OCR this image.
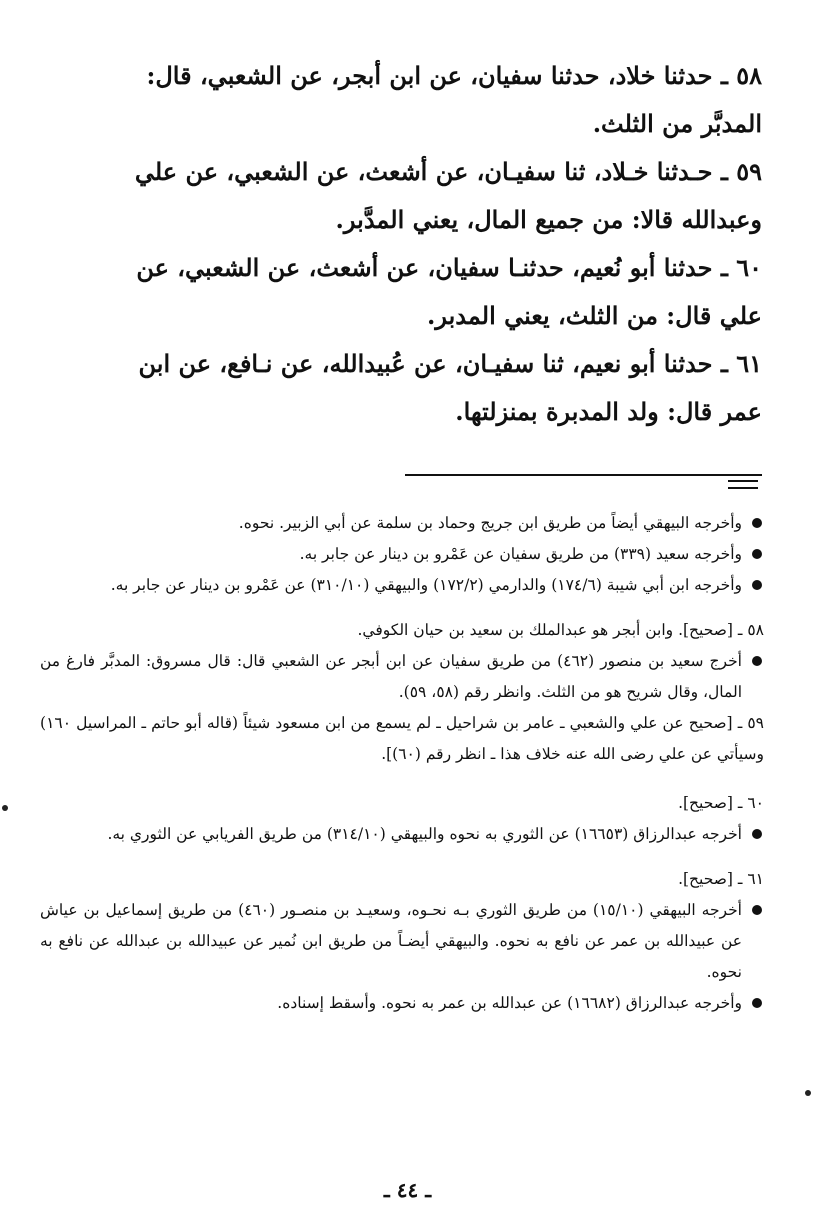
٥٨ ـ حدثنا خلاد، حدثنا سفيان، عن ابن أبجر، عن الشعبي، قال:

المدبَّر من الثلث.

٥٩ ـ حـدثنا خـلاد، ثنا سفيـان، عن أشعث، عن الشعبي، عن علي

وعبدالله قالا: من جميع المال، يعني المدَّبر.

٦٠ ـ حدثنا أبو نُعيم، حدثنـا سفيان، عن أشعث، عن الشعبي، عن

علي قال: من الثلث، يعني المدبر.

٦١ ـ حدثنا أبو نعيم، ثنا سفيـان، عن عُبيدالله، عن نـافع، عن ابن

عمر قال: ولد المدبرة بمنزلتها.

وأخرجه البيهقي أيضاً من طريق ابن جريج وحماد بن سلمة عن أبي الزبير. نحوه.

وأخرجه سعيد (٣٣٩) من طريق سفيان عن عَمْرو بن دينار عن جابر به.

وأخرجه ابن أبي شيبة (١٧٤/٦) والدارمي (١٧٢/٢) والبيهقي (٣١٠/١٠) عن عَمْرو بن دينار عن جابر به.

٥٨ ـ [صحيح]. وابن أبجر هو عبدالملك بن سعيد بن حيان الكوفي.

أخرج سعيد بن منصور (٤٦٢) من طريق سفيان عن ابن أبجر عن الشعبي قال: قال مسروق: المدبَّر فارغ من المال، وقال شريح هو من الثلث. وانظر رقم (٥٨، ٥٩).

٥٩ ـ [صحيح عن علي والشعبي ـ عامر بن شراحيل ـ لم يسمع من ابن مسعود شيئاً (قاله أبو حاتم ـ المراسيل ١٦٠) وسيأتي عن علي رضى الله عنه خلاف هذا ـ انظر رقم (٦٠)].

٦٠ ـ [صحيح].

أخرجه عبدالرزاق (١٦٦٥٣) عن الثوري به نحوه والبيهقي (٣١٤/١٠) من طريق الفريابي عن الثوري به.

٦١ ـ [صحيح].

أخرجه البيهقي (١٥/١٠) من طريق الثوري بـه نحـوه، وسعيـد بن منصـور (٤٦٠) من طريق إسماعيل بن عياش عن عبيدالله بن عمر عن نافع به نحوه. والبيهقي أيضـاً من طريق ابن نُمير عن عبيدالله بن عبدالله عن نافع به نحوه.

وأخرجه عبدالرزاق (١٦٦٨٢) عن عبدالله بن عمر به نحوه. وأسقط إسناده.

ـ ٤٤ ـ
